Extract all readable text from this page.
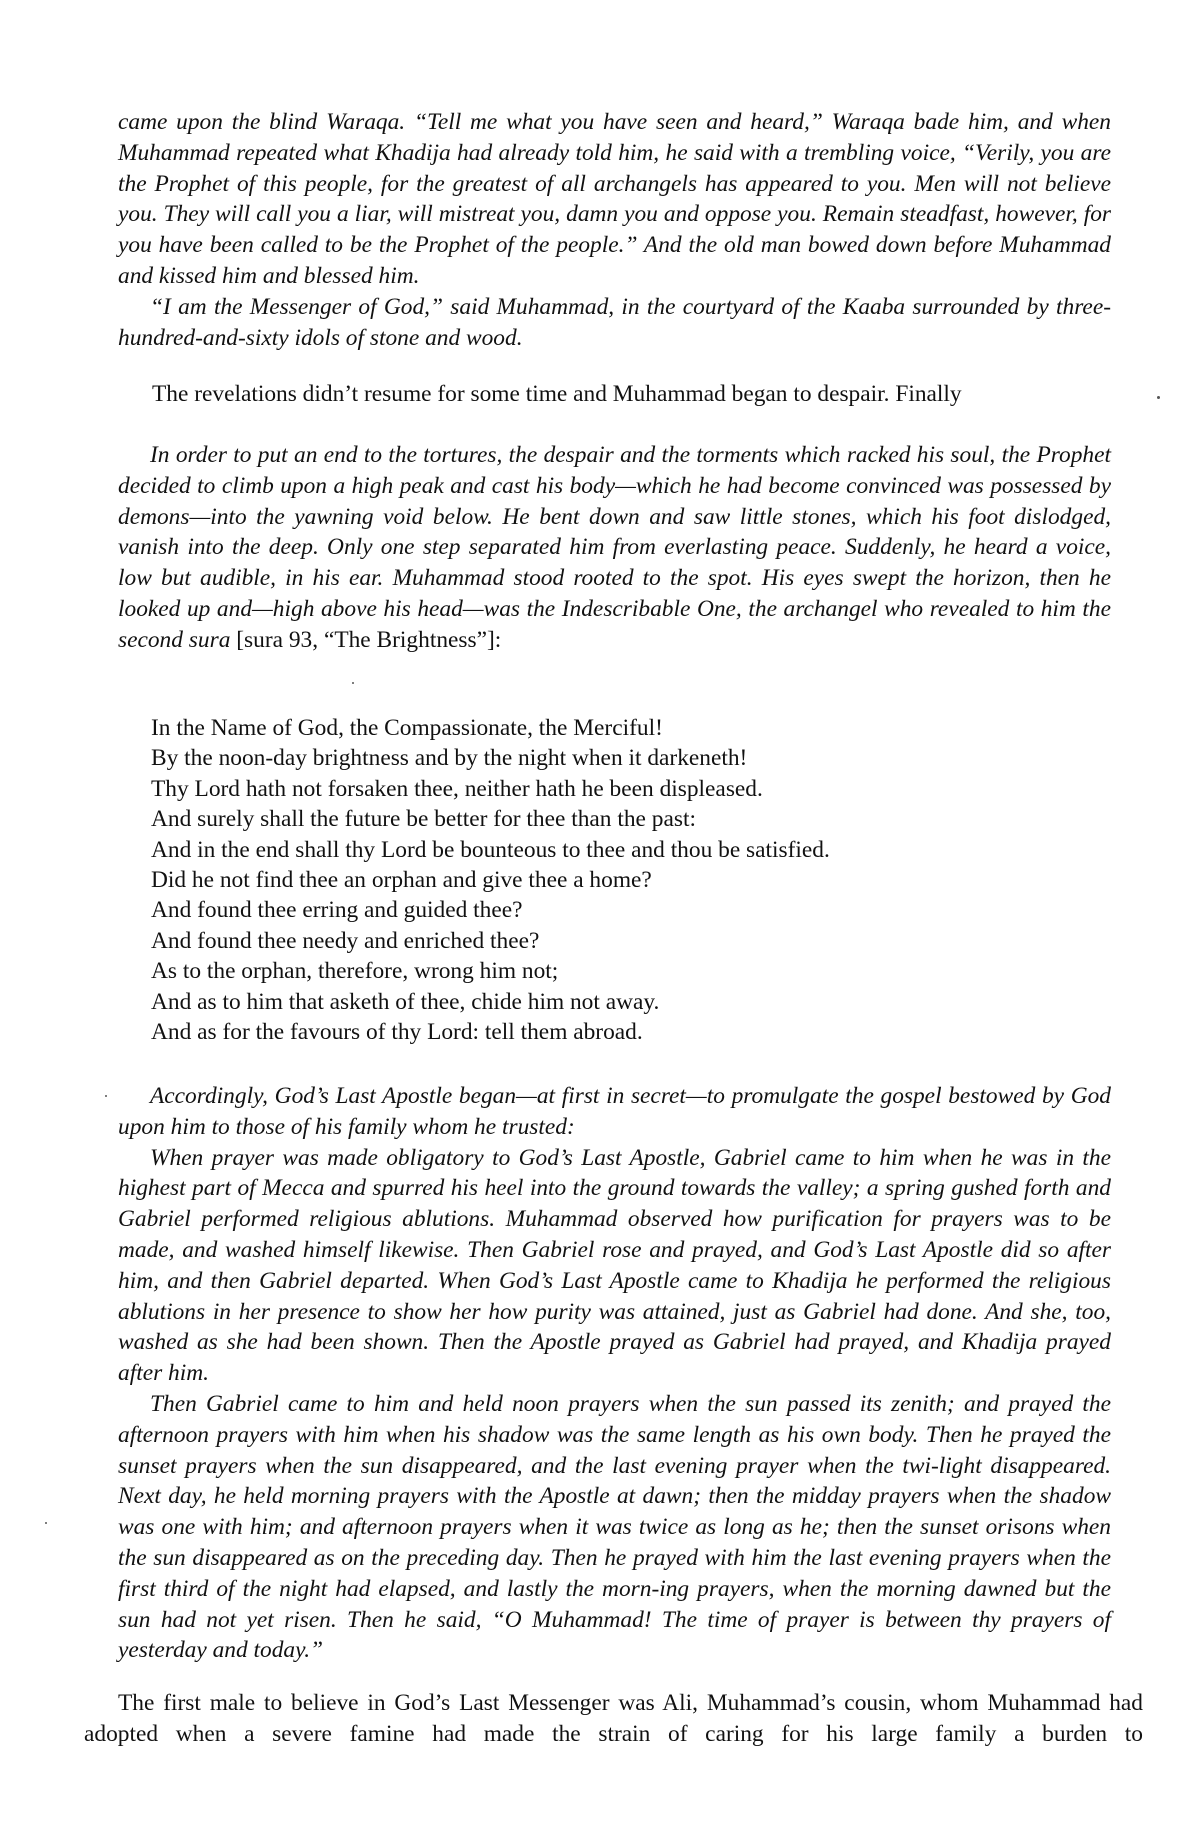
came upon the blind Waraqa. “Tell me what you have seen and heard,” Waraqa bade him, and when Muhammad repeated what Khadija had already told him, he said with a trembling voice, “Verily, you are the Prophet of this people, for the greatest of all archangels has appeared to you. Men will not believe you. They will call you a liar, will mistreat you, damn you and oppose you. Remain steadfast, however, for you have been called to be the Prophet of the people.” And the old man bowed down before Muhammad and kissed him and blessed him.

“I am the Messenger of God,” said Muhammad, in the courtyard of the Kaaba surrounded by three-hundred-and-sixty idols of stone and wood.

The revelations didn’t resume for some time and Muhammad began to despair. Finally

In order to put an end to the tortures, the despair and the torments which racked his soul, the Prophet decided to climb upon a high peak and cast his body—which he had become convinced was possessed by demons—into the yawning void below. He bent down and saw little stones, which his foot dislodged, vanish into the deep. Only one step separated him from everlasting peace. Suddenly, he heard a voice, low but audible, in his ear. Muhammad stood rooted to the spot. His eyes swept the horizon, then he looked up and—high above his head—was the Indescribable One, the archangel who revealed to him the second sura [sura 93, “The Brightness”]:

In the Name of God, the Compassionate, the Merciful!
By the noon-day brightness and by the night when it darkeneth!
Thy Lord hath not forsaken thee, neither hath he been displeased.
And surely shall the future be better for thee than the past:
And in the end shall thy Lord be bounteous to thee and thou be satisfied.
Did he not find thee an orphan and give thee a home?
And found thee erring and guided thee?
And found thee needy and enriched thee?
As to the orphan, therefore, wrong him not;
And as to him that asketh of thee, chide him not away.
And as for the favours of thy Lord: tell them abroad.

Accordingly, God’s Last Apostle began—at first in secret—to promulgate the gospel bestowed by God upon him to those of his family whom he trusted:

When prayer was made obligatory to God’s Last Apostle, Gabriel came to him when he was in the highest part of Mecca and spurred his heel into the ground towards the valley; a spring gushed forth and Gabriel performed religious ablutions. Muhammad observed how purification for prayers was to be made, and washed himself likewise. Then Gabriel rose and prayed, and God’s Last Apostle did so after him, and then Gabriel departed. When God’s Last Apostle came to Khadija he performed the religious ablutions in her presence to show her how purity was attained, just as Gabriel had done. And she, too, washed as she had been shown. Then the Apostle prayed as Gabriel had prayed, and Khadija prayed after him.

Then Gabriel came to him and held noon prayers when the sun passed its zenith; and prayed the afternoon prayers with him when his shadow was the same length as his own body. Then he prayed the sunset prayers when the sun disappeared, and the last evening prayer when the twi-light disappeared. Next day, he held morning prayers with the Apostle at dawn; then the midday prayers when the shadow was one with him; and afternoon prayers when it was twice as long as he; then the sunset orisons when the sun disappeared as on the preceding day. Then he prayed with him the last evening prayers when the first third of the night had elapsed, and lastly the morn-ing prayers, when the morning dawned but the sun had not yet risen. Then he said, “O Muhammad! The time of prayer is between thy prayers of yesterday and today.”

The first male to believe in God’s Last Messenger was Ali, Muhammad’s cousin, whom Muhammad had adopted when a severe famine had made the strain of caring for his large family a burden to
